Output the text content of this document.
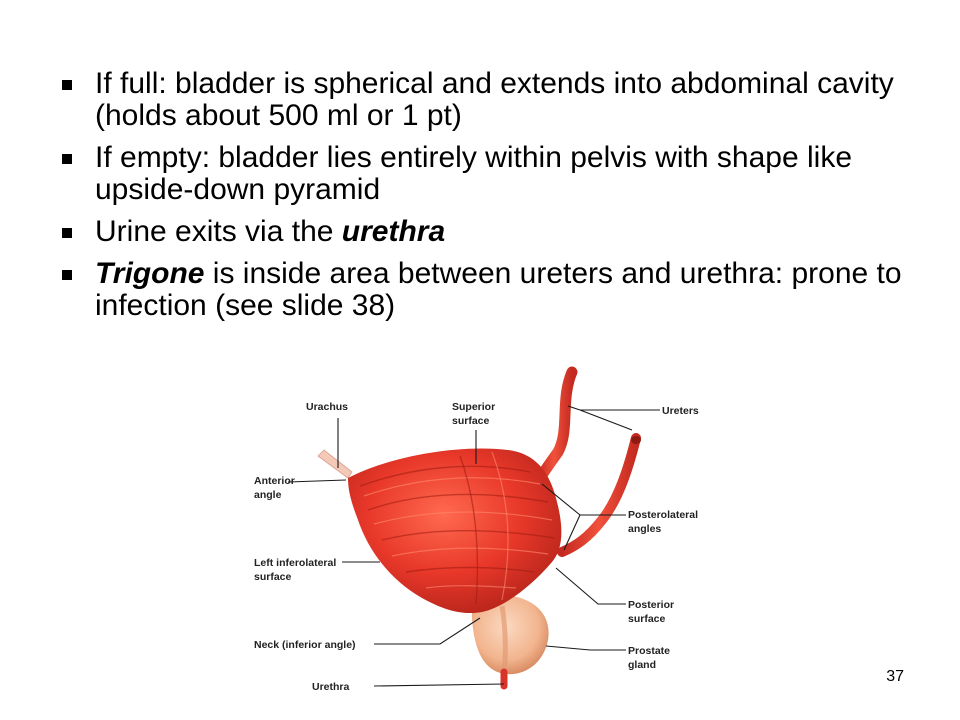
If full: bladder is spherical and extends into abdominal cavity (holds about 500 ml or 1 pt)
If empty: bladder lies entirely within pelvis with shape like upside-down pyramid
Urine exits via the urethra
Trigone is inside area between ureters and urethra: prone to infection (see slide 38)
Urachus	Superior
surface
Ureters
Anterior
angle
Posterolateral
angles
Left inferolateral
surface
Posterior
surface
Neck (inferior angle)	Prostate
gland
Urethra
37
